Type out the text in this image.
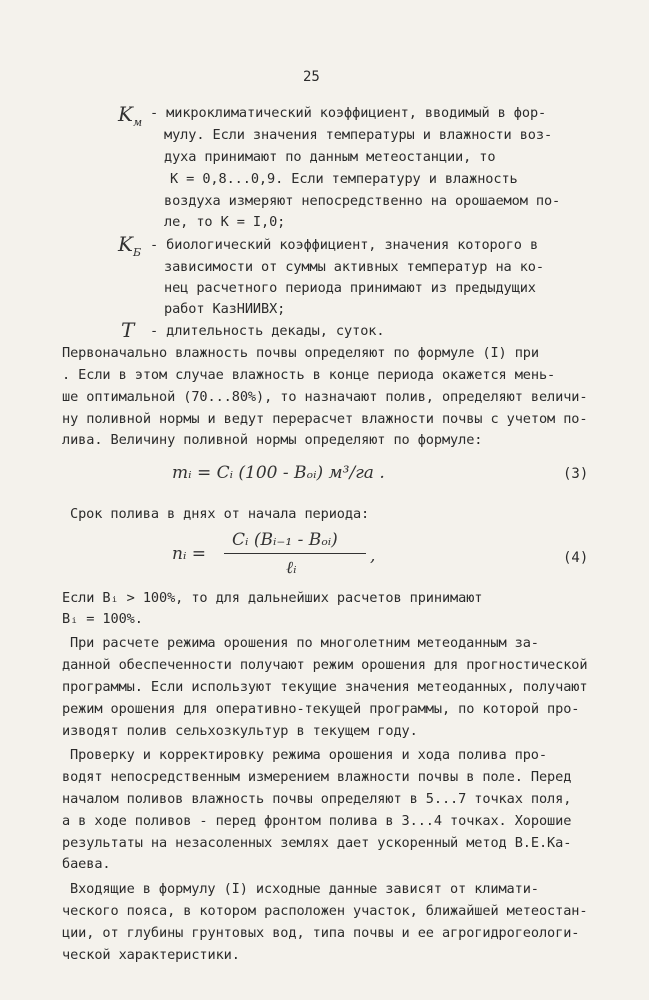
25
$K_м$
- микроклиматический коэффициент, вводимый в фор-
мулу. Если значения температуры и влажности воз-
духа принимают по данным метеостанции, то
К = 0,8...0,9. Если температуру и влажность
воздуха измеряют непосредственно на орошаемом по-
ле, то К = I,0;
$K_Б$ - биологический коэффициент, значения которого в
зависимости от суммы активных температур на ко-
нец расчетного периода принимают из предыдущих
работ КазНИИВХ;
T - длительность декады, суток.
Первоначально влажность почвы определяют по формуле (I) при
. Если в этом случае влажность в конце периода окажется мень-
ше оптимальной (70...80%), то назначают полив, определяют величи-
ну поливной нормы и ведут перерасчет влажности почвы с учетом по-
лива. Величину поливной нормы определяют по формуле:
mᵢ = Cᵢ (100 - Bₒᵢ) м³/га .	(3)
Срок полива в днях от начала периода:
nᵢ =
Cᵢ (Bᵢ₋₁ - Bₒᵢ)
ℓᵢ
,	(4)
Если Bᵢ > 100%, то для дальнейших расчетов принимают
Bᵢ = 100%.
При расчете режима орошения по многолетним метеоданным за-
данной обеспеченности получают режим орошения для прогностической
программы. Если используют текущие значения метеоданных, получают
режим орошения для оперативно-текущей программы, по которой про-
изводят полив сельхозкультур в текущем году.
Проверку и корректировку режима орошения и хода полива про-
водят непосредственным измерением влажности почвы в поле. Перед
началом поливов влажность почвы определяют в 5...7 точках поля,
а в ходе поливов - перед фронтом полива в 3...4 точках. Хорошие
результаты на незасоленных землях дает ускоренный метод В.Е.Ка-
баева.
Входящие в формулу (I) исходные данные зависят от климати-
ческого пояса, в котором расположен участок, ближайшей метеостан-
ции, от глубины грунтовых вод, типа почвы и ее агрогидрогеологи-
ческой характеристики.
